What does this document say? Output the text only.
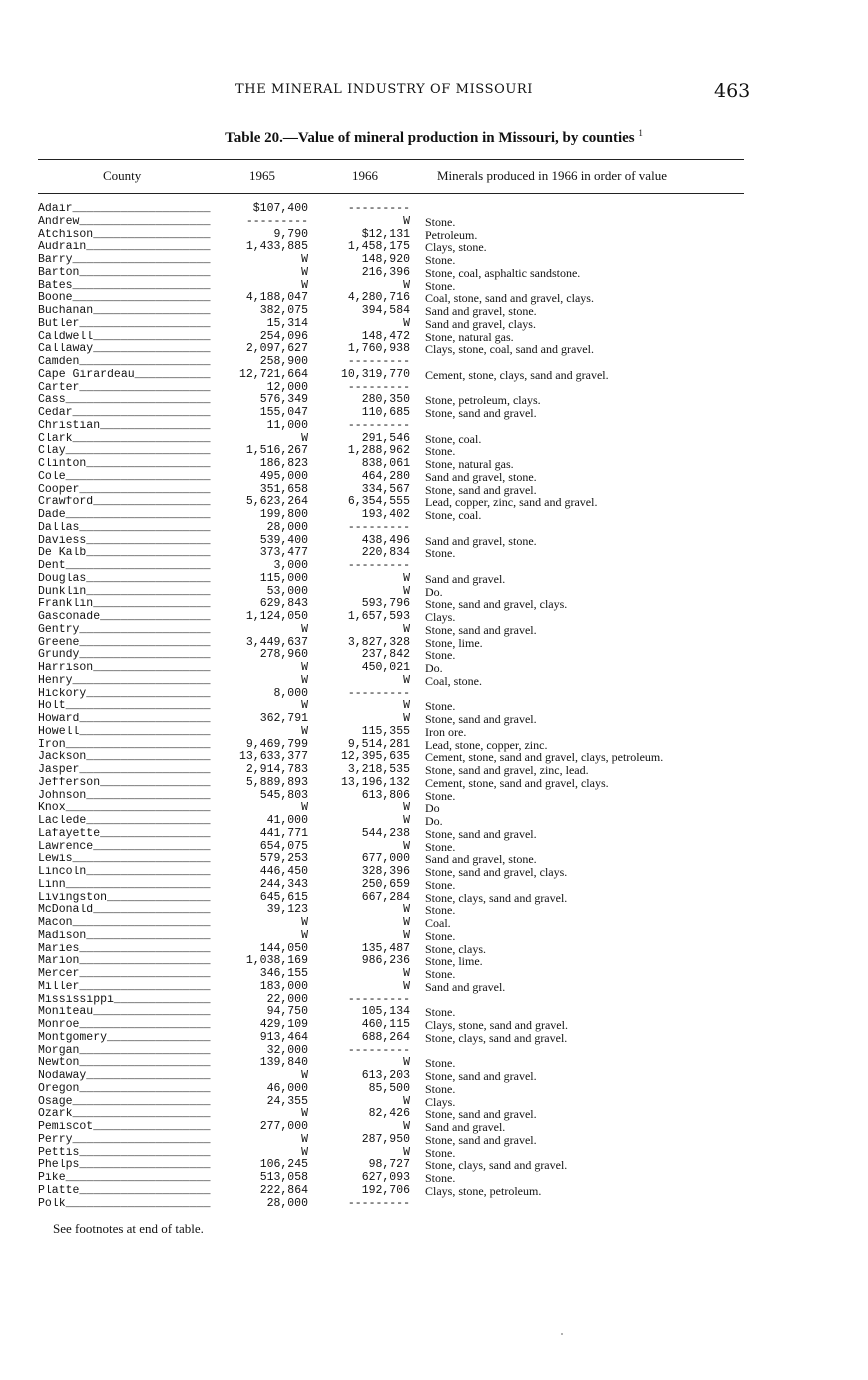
THE MINERAL INDUSTRY OF MISSOURI	463
Table 20.—Value of mineral production in Missouri, by counties $^1$
County	1965	1966	Minerals produced in 1966 in order of value
Adair____________________	$107,400	---------
Andrew___________________	---------	W Stone.
Atchison_________________	9,790	$12,131 Petroleum.
Audrain__________________	1,433,885	1,458,175 Clays, stone.
Barry____________________	W	148,920 Stone.
Barton___________________	W	216,396 Stone, coal, asphaltic sandstone.
Bates____________________	W	W Stone.
Boone____________________	4,188,047	4,280,716 Coal, stone, sand and gravel, clays.
Buchanan_________________	382,075	394,584 Sand and gravel, stone.
Butler___________________	15,314	W Sand and gravel, clays.
Caldwell_________________	254,096	148,472 Stone, natural gas.
Callaway_________________	2,097,627	1,760,938 Clays, stone, coal, sand and gravel.
Camden___________________	258,900	---------
Cape Girardeau___________	12,721,664	10,319,770 Cement, stone, clays, sand and gravel.
Carter___________________	12,000	---------
Cass_____________________	576,349	280,350 Stone, petroleum, clays.
Cedar____________________	155,047	110,685 Stone, sand and gravel.
Christian________________	11,000	---------
Clark____________________	W	291,546 Stone, coal.
Clay_____________________	1,516,267	1,288,962 Stone.
Clinton__________________	186,823	838,061 Stone, natural gas.
Cole_____________________	495,000	464,280 Sand and gravel, stone.
Cooper___________________	351,658	334,567 Stone, sand and gravel.
Crawford_________________	5,623,264	6,354,555 Lead, copper, zinc, sand and gravel.
Dade_____________________	199,800	193,402 Stone, coal.
Dallas___________________	28,000	---------
Daviess__________________	539,400	438,496 Sand and gravel, stone.
De Kalb__________________	373,477	220,834 Stone.
Dent_____________________	3,000	---------
Douglas__________________	115,000	W Sand and gravel.
Dunklin__________________	53,000	W Do.
Franklin_________________	629,843	593,796 Stone, sand and gravel, clays.
Gasconade________________	1,124,050	1,657,593 Clays.
Gentry___________________	W	W Stone, sand and gravel.
Greene___________________	3,449,637	3,827,328 Stone, lime.
Grundy___________________	278,960	237,842 Stone.
Harrison_________________	W	450,021 Do.
Henry____________________	W	W Coal, stone.
Hickory__________________	8,000	---------
Holt_____________________	W	W Stone.
Howard___________________	362,791	W Stone, sand and gravel.
Howell___________________	W	115,355 Iron ore.
Iron_____________________	9,469,799	9,514,281 Lead, stone, copper, zinc.
Jackson__________________	13,633,377	12,395,635 Cement, stone, sand and gravel, clays, petroleum.
Jasper___________________	2,914,783	3,218,535 Stone, sand and gravel, zinc, lead.
Jefferson________________	5,889,893	13,196,132 Cement, stone, sand and gravel, clays.
Johnson__________________	545,803	613,806 Stone.
Knox_____________________	W	W Do
Laclede__________________	41,000	W Do.
Lafayette________________	441,771	544,238 Stone, sand and gravel.
Lawrence_________________	654,075	W Stone.
Lewis____________________	579,253	677,000 Sand and gravel, stone.
Lincoln__________________	446,450	328,396 Stone, sand and gravel, clays.
Linn_____________________	244,343	250,659 Stone.
Livingston_______________	645,615	667,284 Stone, clays, sand and gravel.
McDonald_________________	39,123	W Stone.
Macon____________________	W	W Coal.
Madison__________________	W	W Stone.
Maries___________________	144,050	135,487 Stone, clays.
Marion___________________	1,038,169	986,236 Stone, lime.
Mercer___________________	346,155	W Stone.
Miller___________________	183,000	W Sand and gravel.
Mississippi______________	22,000	---------
Moniteau_________________	94,750	105,134 Stone.
Monroe___________________	429,109	460,115 Clays, stone, sand and gravel.
Montgomery_______________	913,464	688,264 Stone, clays, sand and gravel.
Morgan___________________	32,000	---------
Newton___________________	139,840	W Stone.
Nodaway__________________	W	613,203 Stone, sand and gravel.
Oregon___________________	46,000	85,500 Stone.
Osage____________________	24,355	W Clays.
Ozark____________________	W	82,426 Stone, sand and gravel.
Pemiscot_________________	277,000	W Sand and gravel.
Perry____________________	W	287,950 Stone, sand and gravel.
Pettis___________________	W	W Stone.
Phelps___________________	106,245	98,727 Stone, clays, sand and gravel.
Pike_____________________	513,058	627,093 Stone.
Platte___________________	222,864	192,706 Clays, stone, petroleum.
Polk_____________________	28,000	---------
See footnotes at end of table.
